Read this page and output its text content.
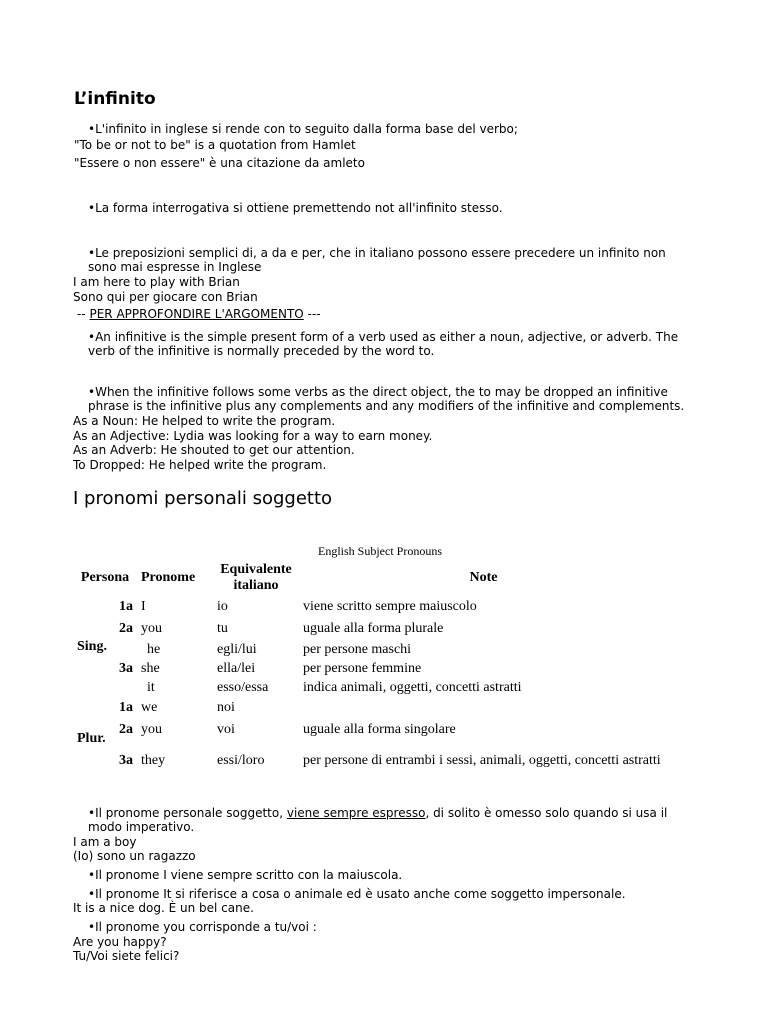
L’infinito
•L'infinito in inglese si rende con to seguito dalla forma base del verbo;
"To be or not to be" is a quotation from Hamlet
"Essere o non essere" è una citazione da amleto
•La forma interrogativa si ottiene premettendo not all'infinito stesso.
•Le preposizioni semplici di, a da e per, che in italiano possono essere precedere un infinito non sono mai espresse in Inglese
I am here to play with Brian
Sono qui per giocare con Brian
-- PER APPROFONDIRE L'ARGOMENTO ---
•An infinitive is the simple present form of a verb used as either a noun, adjective, or adverb. The verb of the infinitive is normally preceded by the word to.
•When the infinitive follows some verbs as the direct object, the to may be dropped an infinitive phrase is the infinitive plus any complements and any modifiers of the infinitive and complements.
As a Noun: He helped to write the program.
As an Adjective: Lydia was looking for a way to earn money.
As an Adverb: He shouted to get our attention.
To Dropped: He helped write the program.
I pronomi personali soggetto
English Subject Pronouns
Persona		Pronome	Equivalente italiano	Note
Sing.	1a	I	io	viene scritto sempre maiuscolo
	2a	you	tu	uguale alla forma plurale
		he	egli/lui	per persone maschi
	3a	she	ella/lei	per persone femmine
		it	esso/essa	indica animali, oggetti, concetti astratti
Plur.	1a	we	noi	
	2a	you	voi	uguale alla forma singolare
	3a	they	essi/loro	per persone di entrambi i sessi, animali, oggetti, concetti astratti
•Il pronome personale soggetto, viene sempre espresso, di solito è omesso solo quando si usa il modo imperativo.
I am a boy
(Io) sono un ragazzo
•Il pronome I viene sempre scritto con la maiuscola.
•Il pronome It si riferisce a cosa o animale ed è usato anche come soggetto impersonale.
It is a nice dog. È un bel cane.
•Il pronome you corrisponde a tu/voi :
Are you happy?
Tu/Voi siete felici?
